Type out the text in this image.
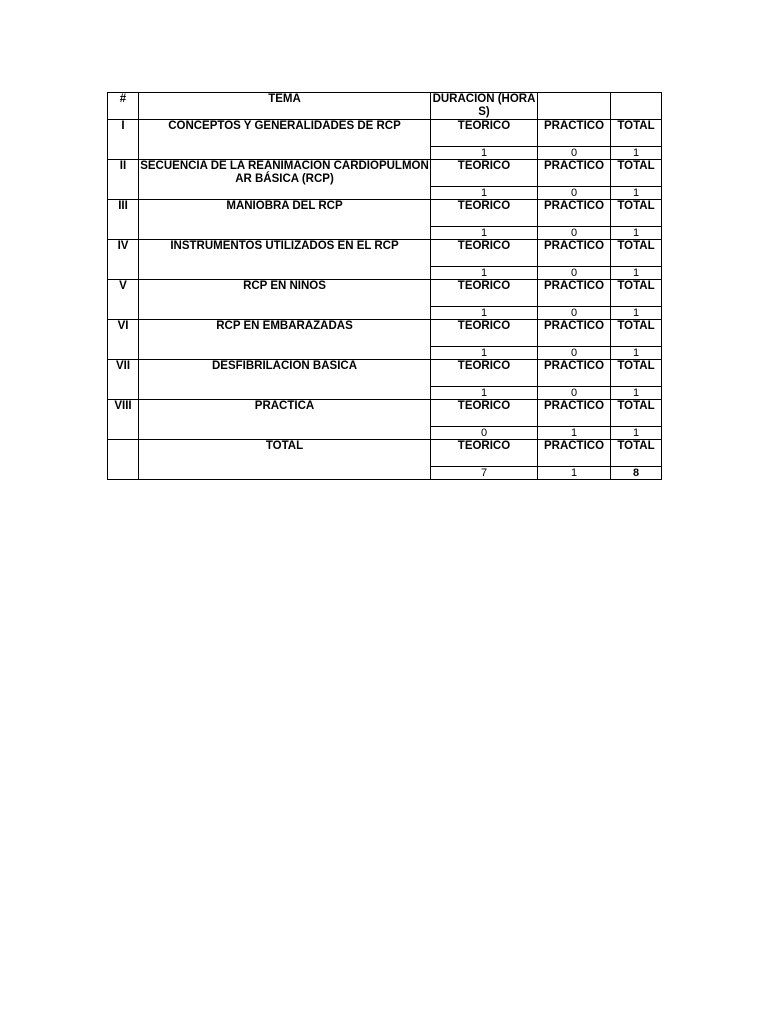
#	TEMA	DURACION (HORAS)		
I	CONCEPTOS Y GENERALIDADES DE RCP	TEORICO	PRACTICO	TOTAL
		1	0	1
II	SECUENCIA DE LA REANIMACIÓN CARDIOPULMONAR BÁSICA (RCP)	TEORICO	PRACTICO	TOTAL
		1	0	1
III	MANIOBRA DEL RCP	TEORICO	PRACTICO	TOTAL
		1	0	1
IV	INSTRUMENTOS UTILIZADOS EN EL RCP	TEORICO	PRACTICO	TOTAL
		1	0	1
V	RCP EN NIÑOS	TEORICO	PRACTICO	TOTAL
		1	0	1
VI	RCP EN EMBARAZADAS	TEORICO	PRACTICO	TOTAL
		1	0	1
VII	DESFIBRILACIÓN BASICA	TEORICO	PRACTICO	TOTAL
		1	0	1
VIII	PRACTICA	TEORICO	PRACTICO	TOTAL
		0	1	1
	TOTAL	TEORICO	PRACTICO	TOTAL
		7	1	8
